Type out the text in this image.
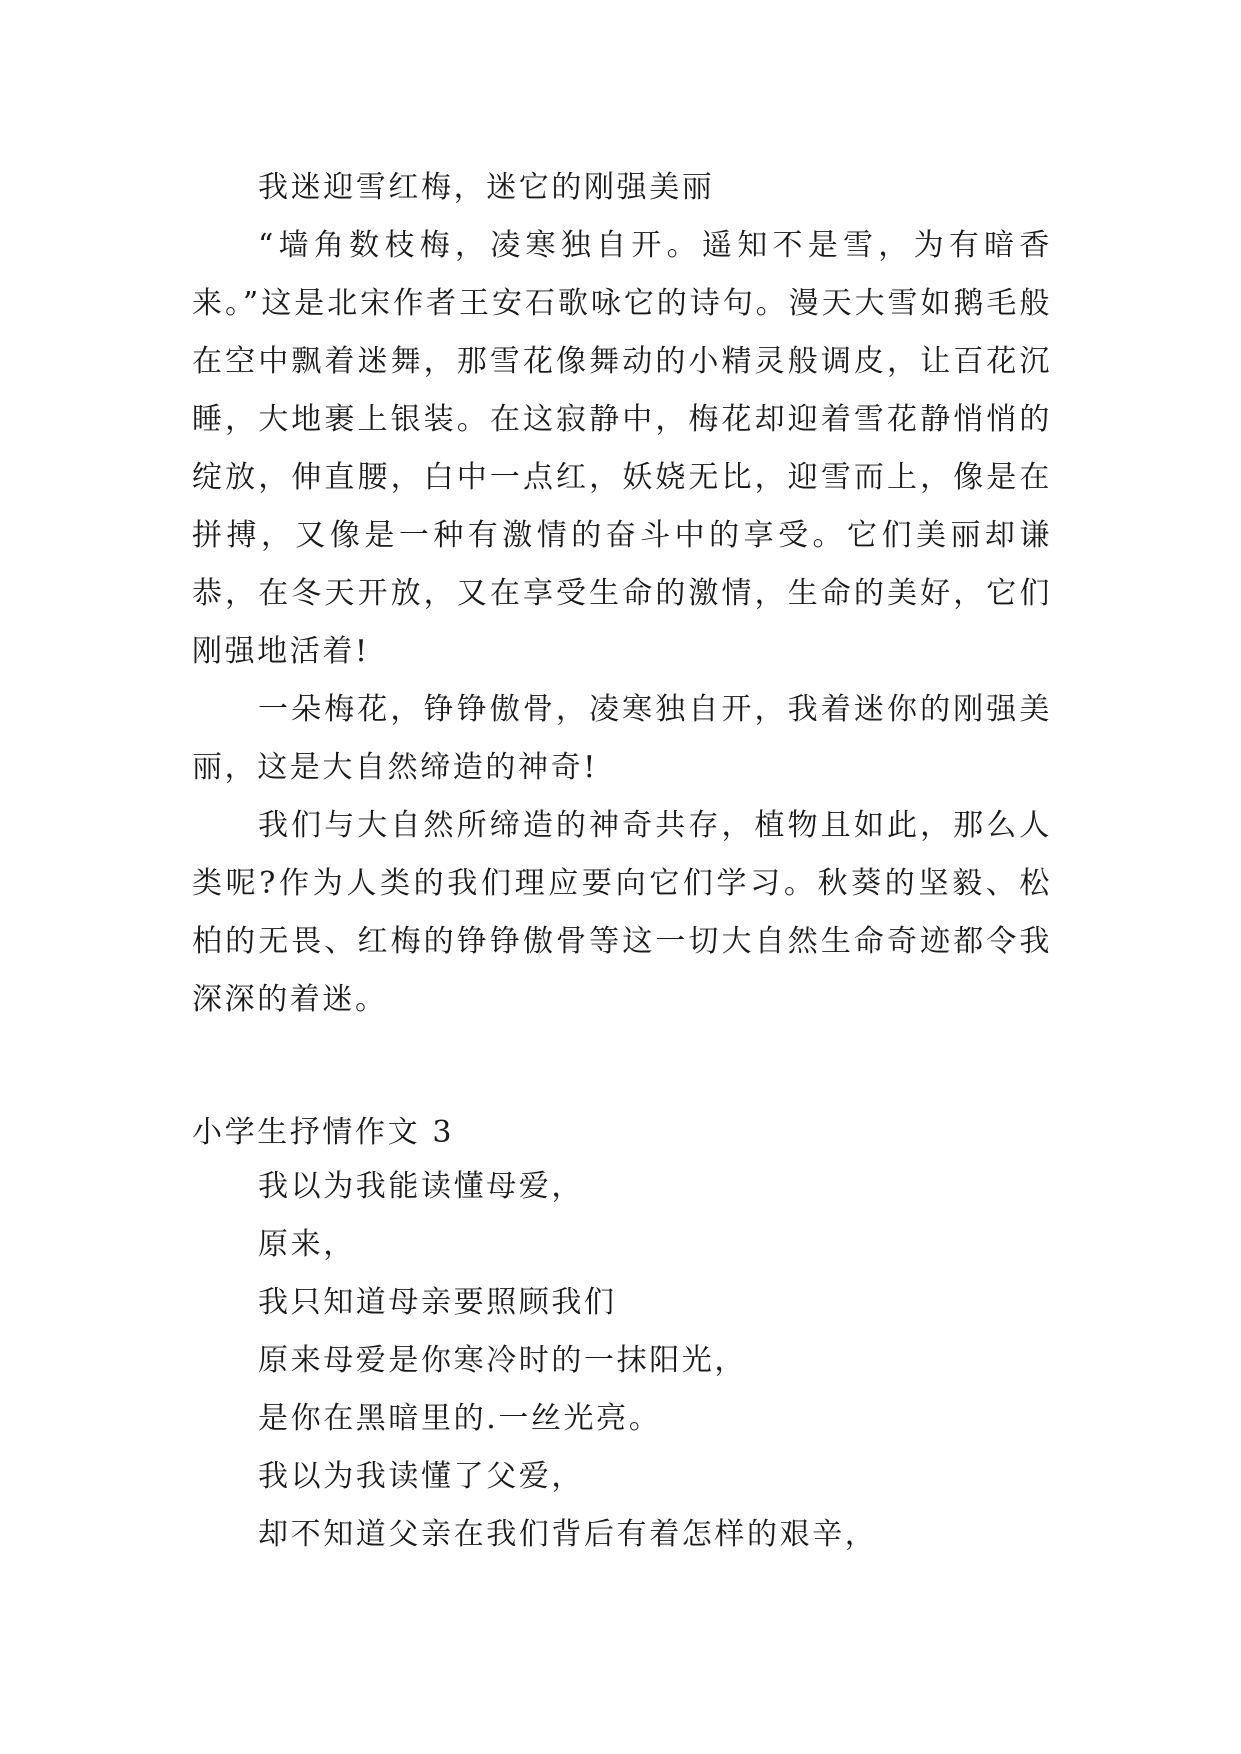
我迷迎雪红梅，迷它的刚强美丽

“墙角数枝梅，凌寒独自开。遥知不是雪，为有暗香来。”这是北宋作者王安石歌咏它的诗句。漫天大雪如鹅毛般在空中飘着迷舞，那雪花像舞动的小精灵般调皮，让百花沉睡，大地裹上银装。在这寂静中，梅花却迎着雪花静悄悄的绽放，伸直腰，白中一点红，妖娆无比，迎雪而上，像是在拼搏，又像是一种有激情的奋斗中的享受。它们美丽却谦恭，在冬天开放，又在享受生命的激情，生命的美好，它们刚强地活着!

一朵梅花，铮铮傲骨，凌寒独自开，我着迷你的刚强美丽，这是大自然缔造的神奇!

我们与大自然所缔造的神奇共存，植物且如此，那么人类呢?作为人类的我们理应要向它们学习。秋葵的坚毅、松柏的无畏、红梅的铮铮傲骨等这一切大自然生命奇迹都令我深深的着迷。

小学生抒情作文 3
我以为我能读懂母爱，
原来，
我只知道母亲要照顾我们
原来母爱是你寒冷时的一抹阳光，
是你在黑暗里的.一丝光亮。
我以为我读懂了父爱，
却不知道父亲在我们背后有着怎样的艰辛，
